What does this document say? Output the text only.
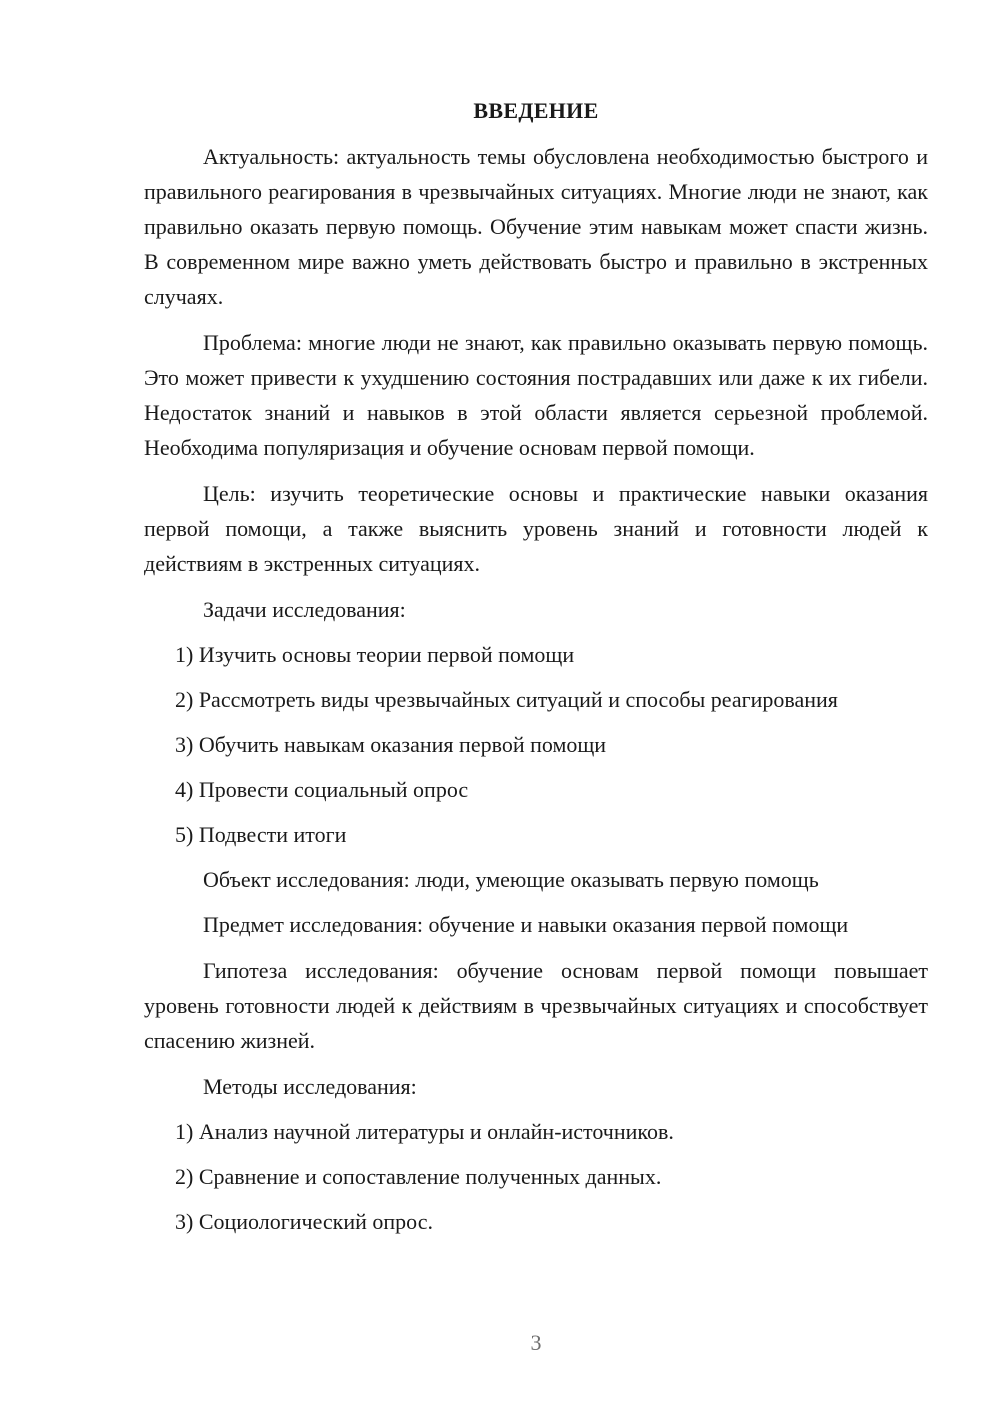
ВВЕДЕНИЕ

Актуальность: актуальность темы обусловлена необходимостью быстрого и правильного реагирования в чрезвычайных ситуациях. Многие люди не знают, как правильно оказать первую помощь. Обучение этим навыкам может спасти жизнь. В современном мире важно уметь действовать быстро и правильно в экстренных случаях.

Проблема: многие люди не знают, как правильно оказывать первую помощь. Это может привести к ухудшению состояния пострадавших или даже к их гибели. Недостаток знаний и навыков в этой области является серьезной проблемой. Необходима популяризация и обучение основам первой помощи.

Цель: изучить теоретические основы и практические навыки оказания первой помощи, а также выяснить уровень знаний и готовности людей к действиям в экстренных ситуациях.

Задачи исследования:

1) Изучить основы теории первой помощи

2) Рассмотреть виды чрезвычайных ситуаций и способы реагирования

3) Обучить навыкам оказания первой помощи

4) Провести социальный опрос

5) Подвести итоги

Объект исследования: люди, умеющие оказывать первую помощь

Предмет исследования: обучение и навыки оказания первой помощи

Гипотеза исследования: обучение основам первой помощи повышает уровень готовности людей к действиям в чрезвычайных ситуациях и способствует спасению жизней.

Методы исследования:

1) Анализ научной литературы и онлайн-источников.

2) Сравнение и сопоставление полученных данных.

3) Социологический опрос.

3
